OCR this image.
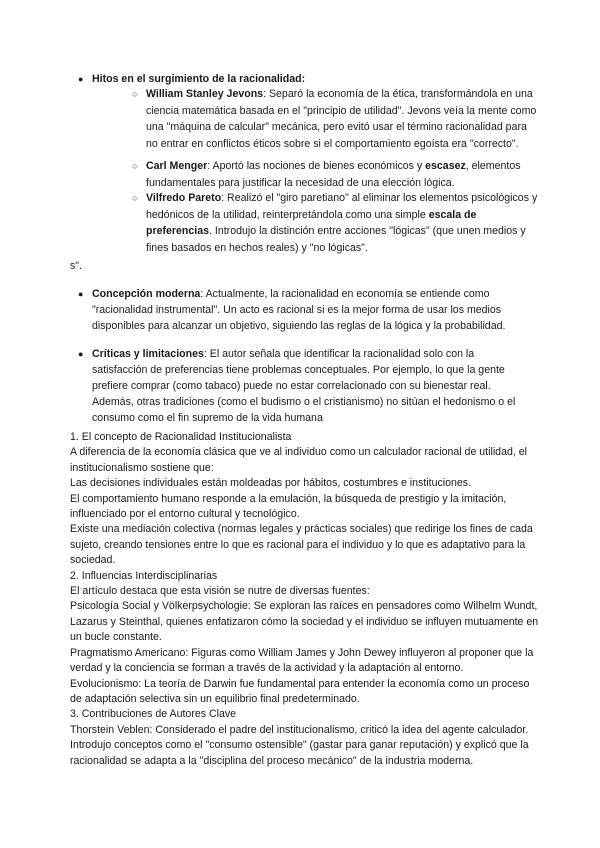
● Hitos en el surgimiento de la racionalidad:
○ William Stanley Jevons: Separó la economía de la ética, transformándola en una ciencia matemática basada en el "principio de utilidad". Jevons veía la mente como una "máquina de calcular" mecánica, pero evitó usar el término racionalidad para no entrar en conflictos éticos sobre si el comportamiento egoísta era "correcto".
○ Carl Menger: Aportó las nociones de bienes económicos y escasez, elementos fundamentales para justificar la necesidad de una elección lógica.
○ Vilfredo Pareto: Realizó el "giro paretiano" al eliminar los elementos psicológicos y hedónicos de la utilidad, reinterpretándola como una simple escala de preferencias. Introdujo la distinción entre acciones "lógicas" (que unen medios y fines basados en hechos reales) y "no lógicas".
s".
● Concepción moderna: Actualmente, la racionalidad en economía se entiende como "racionalidad instrumental". Un acto es racional si es la mejor forma de usar los medios disponibles para alcanzar un objetivo, siguiendo las reglas de la lógica y la probabilidad.
● Críticas y limitaciones: El autor señala que identificar la racionalidad solo con la satisfacción de preferencias tiene problemas conceptuales. Por ejemplo, lo que la gente prefiere comprar (como tabaco) puede no estar correlacionado con su bienestar real. Además, otras tradiciones (como el budismo o el cristianismo) no sitúan el hedonismo o el consumo como el fin supremo de la vida humana

1. El concepto de Racionalidad Institucionalista

A diferencia de la economía clásica que ve al individuo como un calculador racional de utilidad, el institucionalismo sostiene que:

Las decisiones individuales están moldeadas por hábitos, costumbres e instituciones.

El comportamiento humano responde a la emulación, la búsqueda de prestigio y la imitación, influenciado por el entorno cultural y tecnológico.

Existe una mediación colectiva (normas legales y prácticas sociales) que redirige los fines de cada sujeto, creando tensiones entre lo que es racional para el individuo y lo que es adaptativo para la sociedad.

2. Influencias Interdisciplinarias

El artículo destaca que esta visión se nutre de diversas fuentes:

Psicología Social y Völkerpsychologie: Se exploran las raíces en pensadores como Wilhelm Wundt, Lazarus y Steinthal, quienes enfatizaron cómo la sociedad y el individuo se influyen mutuamente en un bucle constante.

Pragmatismo Americano: Figuras como William James y John Dewey influyeron al proponer que la verdad y la conciencia se forman a través de la actividad y la adaptación al entorno.

Evolucionismo: La teoría de Darwin fue fundamental para entender la economía como un proceso de adaptación selectiva sin un equilibrio final predeterminado.

3. Contribuciones de Autores Clave

Thorstein Veblen: Considerado el padre del institucionalismo, criticó la idea del agente calculador. Introdujo conceptos como el "consumo ostensible" (gastar para ganar reputación) y explicó que la racionalidad se adapta a la "disciplina del proceso mecánico" de la industria moderna.
